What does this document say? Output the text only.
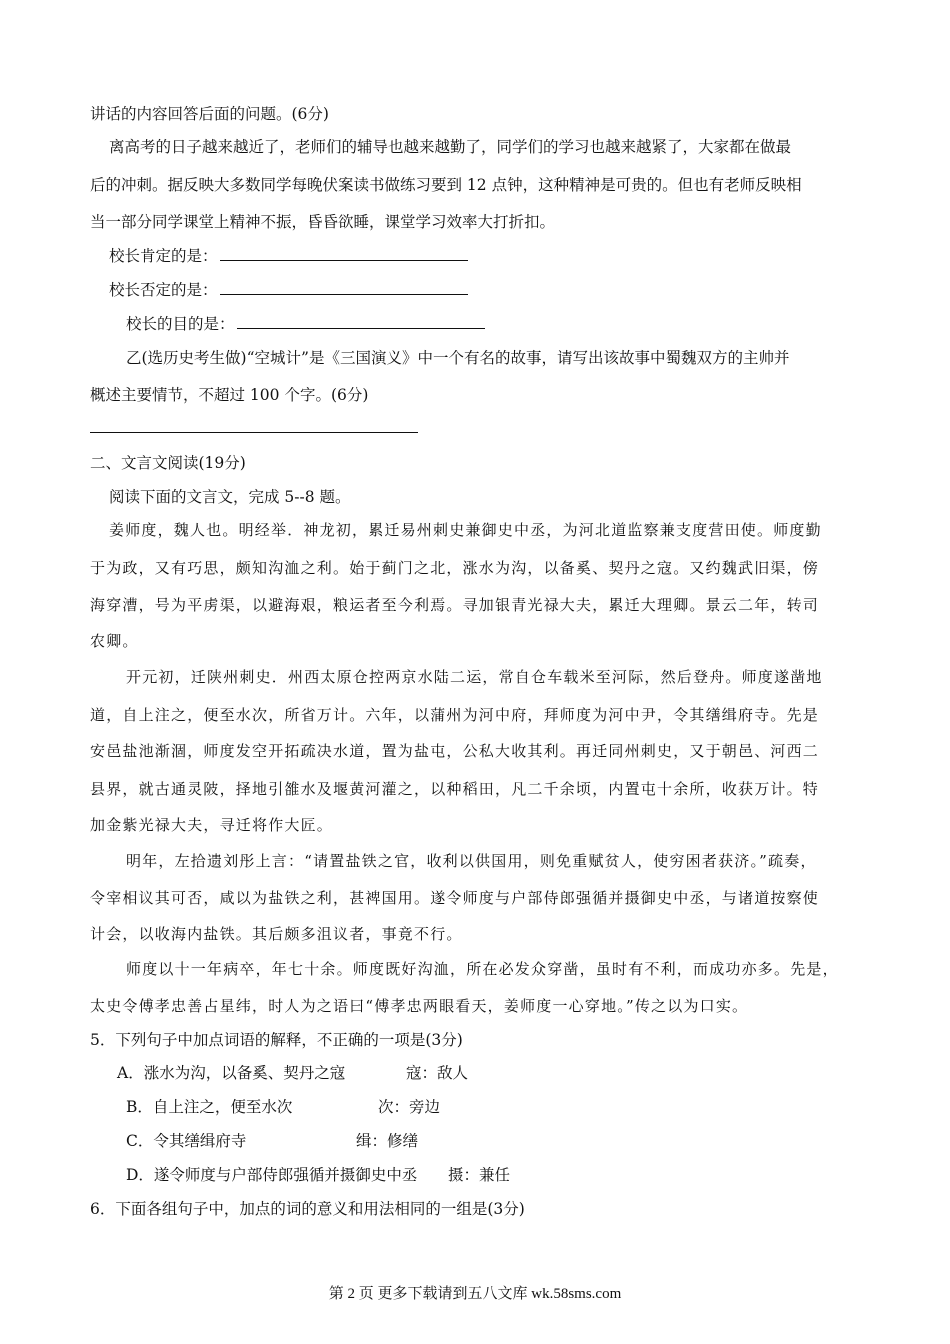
讲话的内容回答后面的问题。(6分)
离高考的日子越来越近了，老师们的辅导也越来越勤了，同学们的学习也越来越紧了，大家都在做最
后的冲刺。据反映大多数同学每晚伏案读书做练习要到 12 点钟，这种精神是可贵的。但也有老师反映相
当一部分同学课堂上精神不振，昏昏欲睡，课堂学习效率大打折扣。
校长肯定的是：
校长否定的是：
校长的目的是：
乙(选历史考生做)“空城计”是《三国演义》中一个有名的故事，请写出该故事中蜀魏双方的主帅并
概述主要情节，不超过 100 个字。(6分)
二、文言文阅读(19分)
阅读下面的文言文，完成 5--8 题。
姜师度，魏人也。明经举．神龙初，累迁易州刺史兼御史中丞，为河北道监察兼支度营田使。师度勤
于为政，又有巧思，颇知沟洫之利。始于蓟门之北，涨水为沟，以备奚、契丹之寇。又约魏武旧渠，傍
海穿漕，号为平虏渠，以避海艰，粮运者至今利焉。寻加银青光禄大夫，累迁大理卿。景云二年，转司
农卿。
开元初，迁陕州刺史．州西太原仓控两京水陆二运，常自仓车载米至河际，然后登舟。师度遂凿地
道，自上注之，便至水次，所省万计。六年，以蒲州为河中府，拜师度为河中尹，令其缮缉府寺。先是
安邑盐池渐涸，师度发空开拓疏决水道，置为盐屯，公私大收其利。再迁同州刺史，又于朝邑、河西二
县界，就古通灵陂，择地引雒水及堰黄河灌之，以种稻田，凡二千余顷，内置屯十余所，收获万计。特
加金紫光禄大夫，寻迁将作大匠。
明年，左拾遗刘彤上言：“请置盐铁之官，收利以供国用，则免重赋贫人，使穷困者获济。”疏奏，
令宰相议其可否，咸以为盐铁之利，甚裨国用。遂令师度与户部侍郎强循并摄御史中丞，与诸道按察使
计会，以收海内盐铁。其后颇多沮议者，事竟不行。
师度以十一年病卒，年七十余。师度既好沟洫，所在必发众穿凿，虽时有不利，而成功亦多。先是，
太史令傅孝忠善占星纬，时人为之语曰“傅孝忠两眼看天，姜师度一心穿地。”传之以为口实。
5．下列句子中加点词语的解释，不正确的一项是(3分)
A．涨水为沟，以备奚、契丹之寇	寇：敌人
B．自上注之，便至水次	次：旁边
C．令其缮缉府寺	缉：修缮
D．遂令师度与户部侍郎强循并摄御史中丞 摄：兼任
6．下面各组句子中，加点的词的意义和用法相同的一组是(3分)
第 2 页 更多下载请到五八文库 wk.58sms.com
